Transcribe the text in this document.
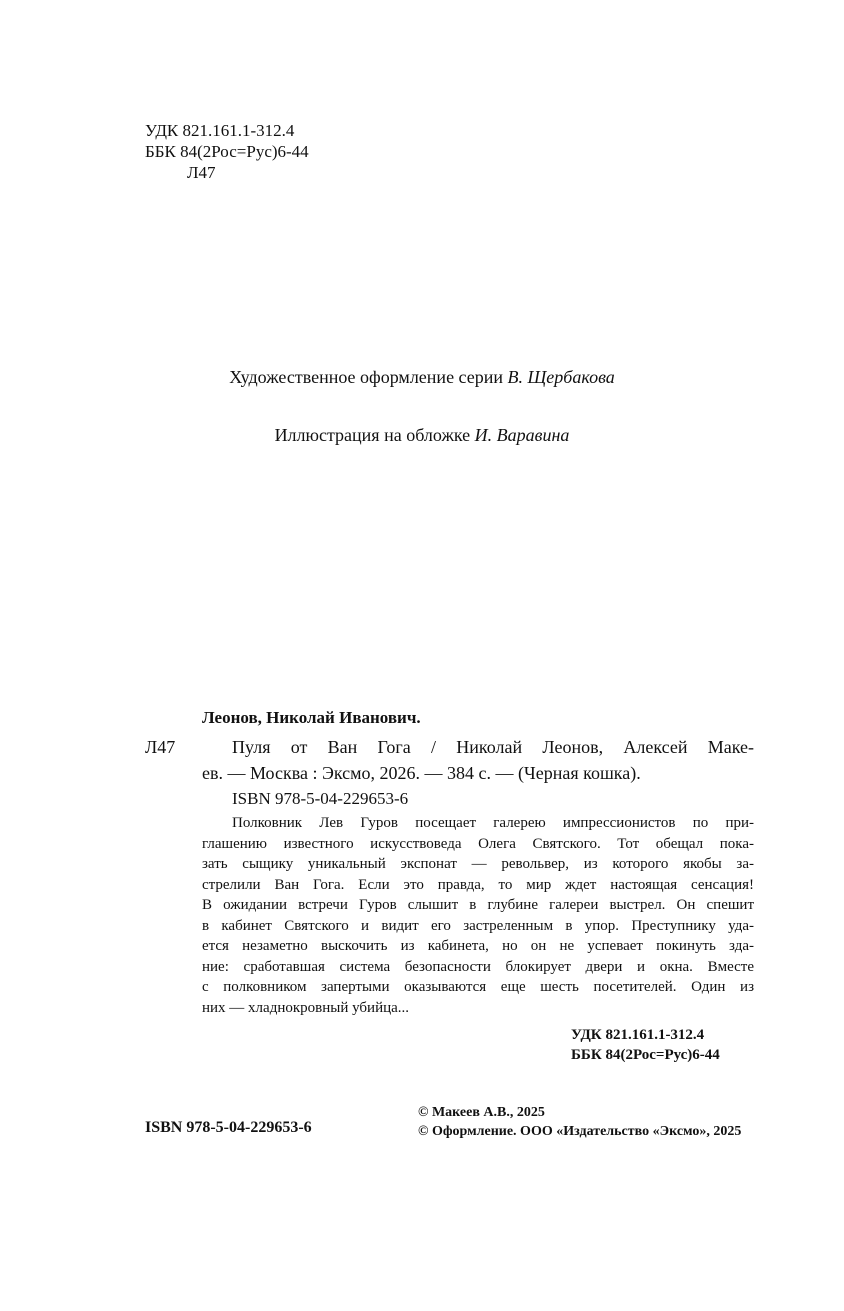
УДК 821.161.1-312.4
ББК 84(2Рос=Рус)6-44
Л47
Художественное оформление серии В. Щербакова
Иллюстрация на обложке И. Варавина
Леонов, Николай Иванович.
Л47	Пуля от Ван Гога / Николай Леонов, Алексей Маке-
ев. — Москва : Эксмо, 2026. — 384 с. — (Черная кошка).
ISBN 978-5-04-229653-6

Полковник Лев Гуров посещает галерею импрессионистов по при-
глашению известного искусствоведа Олега Святского. Тот обещал пока-
зать сыщику уникальный экспонат — револьвер, из которого якобы за-
стрелили Ван Гога. Если это правда, то мир ждет настоящая сенсация!
В ожидании встречи Гуров слышит в глубине галереи выстрел. Он спешит
в кабинет Святского и видит его застреленным в упор. Преступнику уда-
ется незаметно выскочить из кабинета, но он не успевает покинуть зда-
ние: сработавшая система безопасности блокирует двери и окна. Вместе
с полковником запертыми оказываются еще шесть посетителей. Один из
них — хладнокровный убийца...

УДК 821.161.1-312.4
ББК 84(2Рос=Рус)6-44
ISBN 978-5-04-229653-6
© Макеев А.В., 2025
© Оформление. ООО «Издательство «Эксмо», 2025
